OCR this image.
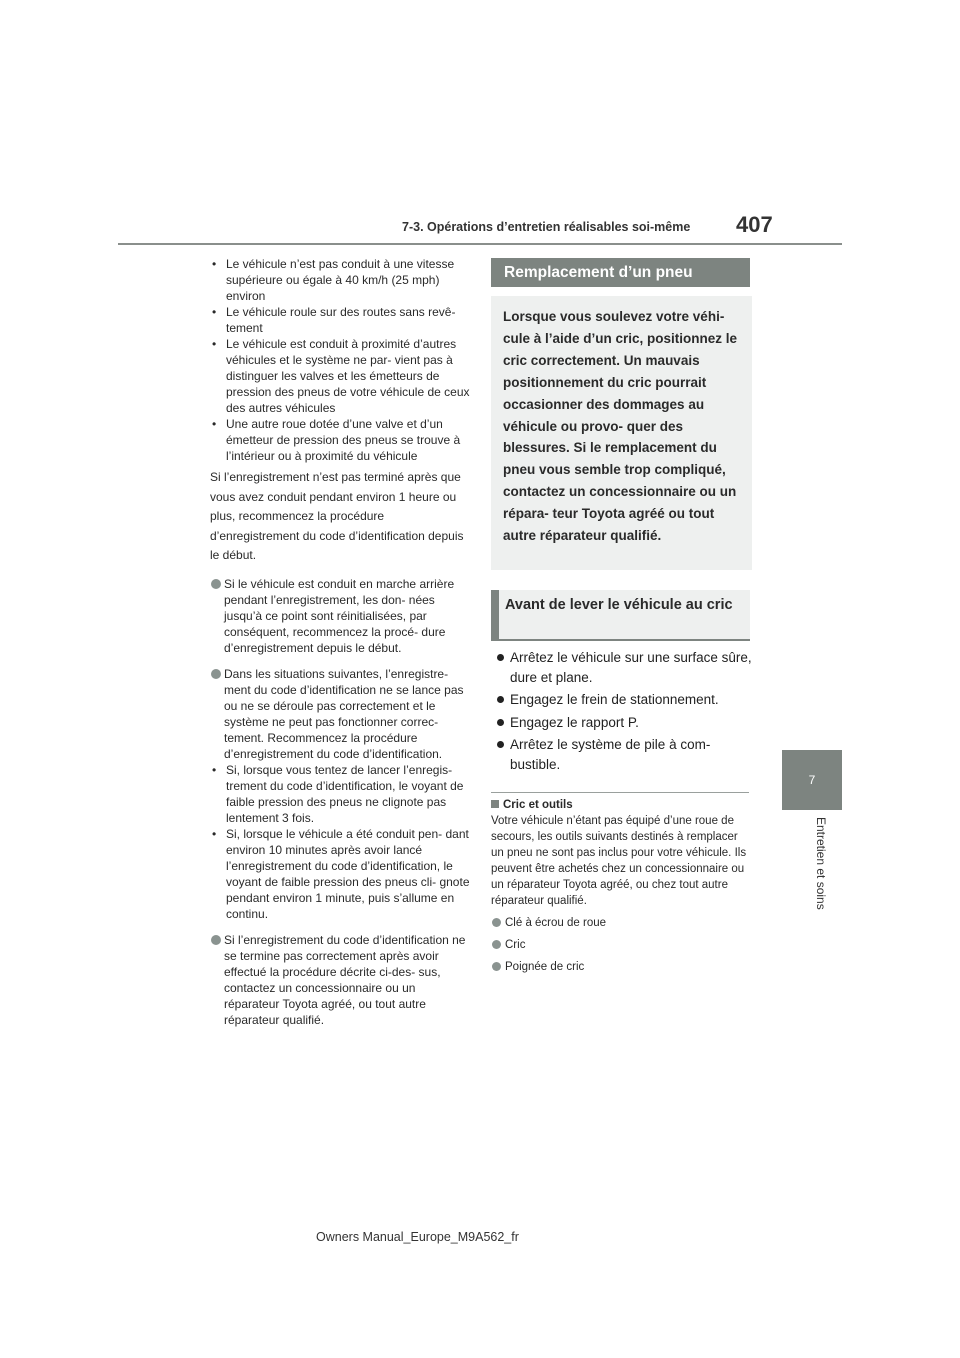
7-3. Opérations d’entretien réalisables soi-même 407
7
Entretien et soins
• Le véhicule n’est pas conduit à une vitesse supérieure ou égale à 40 km/h (25 mph) environ
• Le véhicule roule sur des routes sans revê- tement
• Le véhicule est conduit à proximité d’autres véhicules et le système ne par- vient pas à distinguer les valves et les émetteurs de pression des pneus de votre véhicule de ceux des autres véhicules
• Une autre roue dotée d’une valve et d’un émetteur de pression des pneus se trouve à l’intérieur ou à proximité du véhicule

Si l’enregistrement n’est pas terminé après que vous avez conduit pendant environ 1 heure ou plus, recommencez la procédure d’enregistrement du code d’identification depuis le début.

Si le véhicule est conduit en marche arrière pendant l’enregistrement, les don- nées jusqu’à ce point sont réinitialisées, par conséquent, recommencez la procé- dure d’enregistrement depuis le début.
Dans les situations suivantes, l’enregistre- ment du code d’identification ne se lance pas ou ne se déroule pas correctement et le système ne peut pas fonctionner correc- tement. Recommencez la procédure d’enregistrement du code d’identification.
• Si, lorsque vous tentez de lancer l’enregis- trement du code d’identification, le voyant de faible pression des pneus ne clignote pas lentement 3 fois.
• Si, lorsque le véhicule a été conduit pen- dant environ 10 minutes après avoir lancé l’enregistrement du code d’identification, le voyant de faible pression des pneus cli- gnote pendant environ 1 minute, puis s’allume en continu.
Si l’enregistrement du code d’identification ne se termine pas correctement après avoir effectué la procédure décrite ci-des- sus, contactez un concessionnaire ou un réparateur Toyota agréé, ou tout autre réparateur qualifié.
Remplacement d’un pneu
Lorsque vous soulevez votre véhi- cule à l’aide d’un cric, positionnez le cric correctement. Un mauvais positionnement du cric pourrait occasionner des dommages au véhicule ou provo- quer des blessures. Si le remplacement du pneu vous semble trop compliqué, contactez un concessionnaire ou un répara- teur Toyota agréé ou tout autre réparateur qualifié.
Avant de lever le véhicule au cric
Arrêtez le véhicule sur une surface sûre, dure et plane.
Engagez le frein de stationnement.
Engagez le rapport P.
Arrêtez le système de pile à com- bustible.
Cric et outils

Votre véhicule n’étant pas équipé d’une roue de secours, les outils suivants destinés à remplacer un pneu ne sont pas inclus pour votre véhicule. Ils peuvent être achetés chez un concessionnaire ou un réparateur Toyota agréé, ou chez tout autre réparateur qualifié.

Clé à écrou de roue
Cric
Poignée de cric
Owners Manual_Europe_M9A562_fr
